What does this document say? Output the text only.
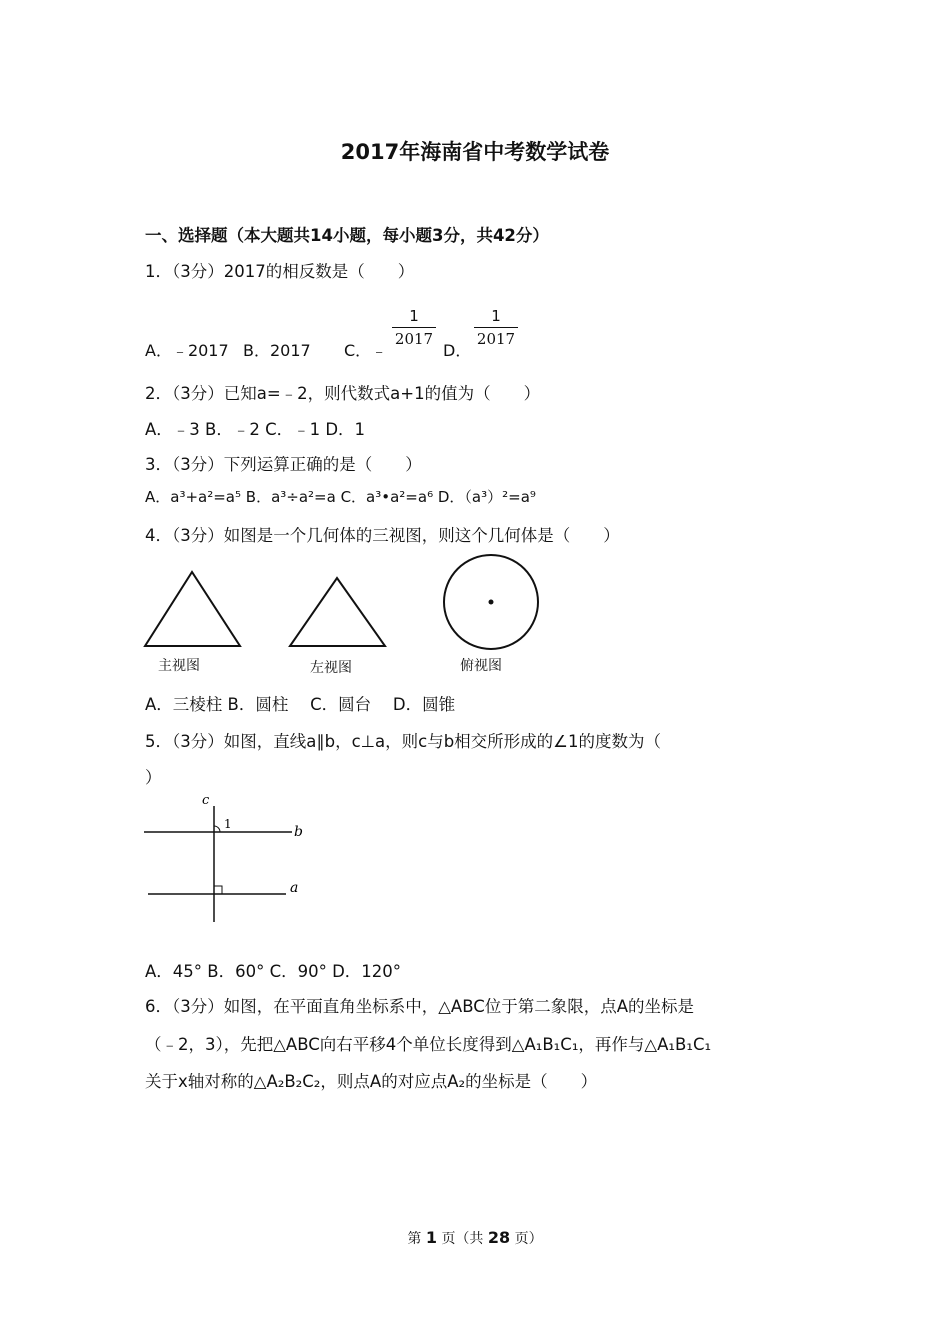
2017年海南省中考数学试卷
一、选择题（本大题共14小题，每小题3分，共42分）
1．（3分）2017的相反数是（　　）
A．﹣2017 B．2017 C．﹣
$\frac{1}{2017}$
D．
$\frac{1}{2017}$
2．（3分）已知a=﹣2，则代数式a+1的值为（　　）
A．﹣3 B．﹣2 C．﹣1 D．1
3．（3分）下列运算正确的是（　　）
A．a³+a²=a⁵ B．a³÷a²=a C．a³•a²=a⁶ D．（a³）²=a⁹
4．（3分）如图是一个几何体的三视图，则这个几何体是（　　）
主视图	左视图	俯视图
A．三棱柱 B．圆柱　 C．圆台　 D．圆锥
5．（3分）如图，直线a∥b，c⊥a，则c与b相交所形成的∠1的度数为（
）
c
1	b
a
A．45° B．60° C．90° D．120°
6．（3分）如图，在平面直角坐标系中，△ABC位于第二象限，点A的坐标是
（﹣2，3），先把△ABC向右平移4个单位长度得到△A₁B₁C₁，再作与△A₁B₁C₁
关于x轴对称的△A₂B₂C₂，则点A的对应点A₂的坐标是（　　）
第 1 页（共 28 页）
